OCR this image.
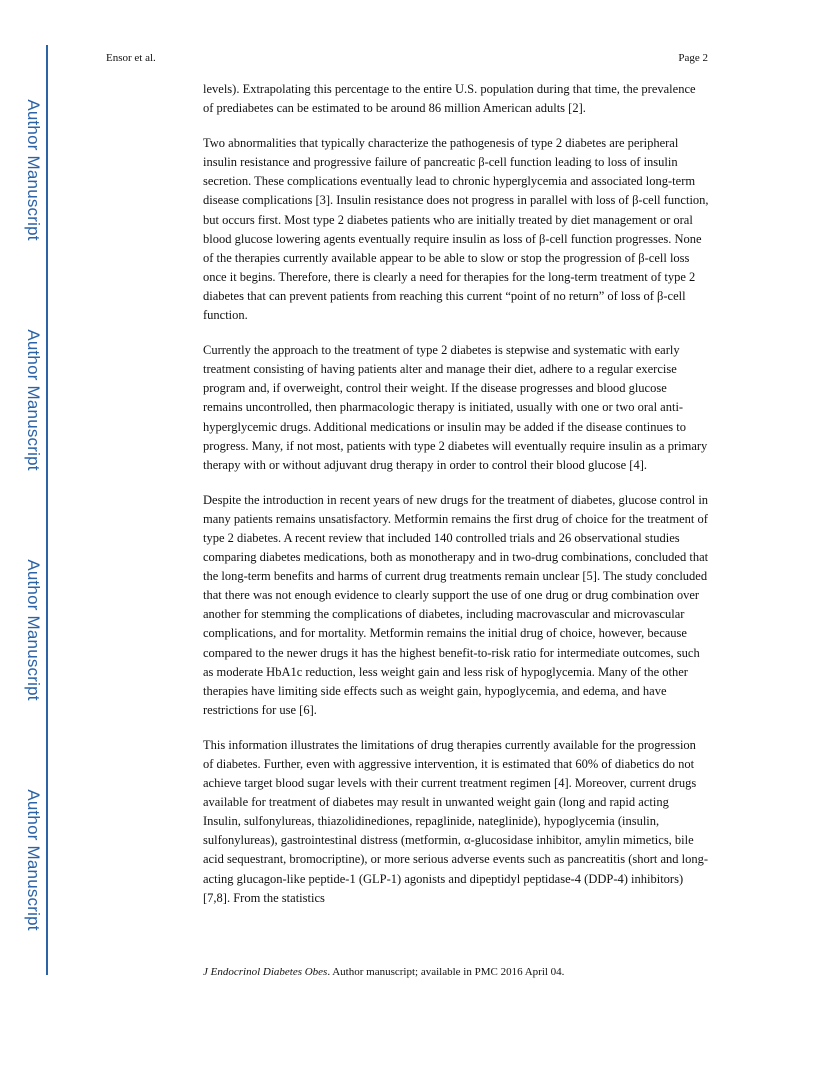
Author Manuscript
Author Manuscript
Author Manuscript
Author Manuscript
Ensor et al.	Page 2

levels). Extrapolating this percentage to the entire U.S. population during that time, the prevalence of prediabetes can be estimated to be around 86 million American adults [2].

Two abnormalities that typically characterize the pathogenesis of type 2 diabetes are peripheral insulin resistance and progressive failure of pancreatic β-cell function leading to loss of insulin secretion. These complications eventually lead to chronic hyperglycemia and associated long-term disease complications [3]. Insulin resistance does not progress in parallel with loss of β-cell function, but occurs first. Most type 2 diabetes patients who are initially treated by diet management or oral blood glucose lowering agents eventually require insulin as loss of β-cell function progresses. None of the therapies currently available appear to be able to slow or stop the progression of β-cell loss once it begins. Therefore, there is clearly a need for therapies for the long-term treatment of type 2 diabetes that can prevent patients from reaching this current “point of no return” of loss of β-cell function.

Currently the approach to the treatment of type 2 diabetes is stepwise and systematic with early treatment consisting of having patients alter and manage their diet, adhere to a regular exercise program and, if overweight, control their weight. If the disease progresses and blood glucose remains uncontrolled, then pharmacologic therapy is initiated, usually with one or two oral anti-hyperglycemic drugs. Additional medications or insulin may be added if the disease continues to progress. Many, if not most, patients with type 2 diabetes will eventually require insulin as a primary therapy with or without adjuvant drug therapy in order to control their blood glucose [4].

Despite the introduction in recent years of new drugs for the treatment of diabetes, glucose control in many patients remains unsatisfactory. Metformin remains the first drug of choice for the treatment of type 2 diabetes. A recent review that included 140 controlled trials and 26 observational studies comparing diabetes medications, both as monotherapy and in two-drug combinations, concluded that the long-term benefits and harms of current drug treatments remain unclear [5]. The study concluded that there was not enough evidence to clearly support the use of one drug or drug combination over another for stemming the complications of diabetes, including macrovascular and microvascular complications, and for mortality. Metformin remains the initial drug of choice, however, because compared to the newer drugs it has the highest benefit-to-risk ratio for intermediate outcomes, such as moderate HbA1c reduction, less weight gain and less risk of hypoglycemia. Many of the other therapies have limiting side effects such as weight gain, hypoglycemia, and edema, and have restrictions for use [6].

This information illustrates the limitations of drug therapies currently available for the progression of diabetes. Further, even with aggressive intervention, it is estimated that 60% of diabetics do not achieve target blood sugar levels with their current treatment regimen [4]. Moreover, current drugs available for treatment of diabetes may result in unwanted weight gain (long and rapid acting Insulin, sulfonylureas, thiazolidinediones, repaglinide, nateglinide), hypoglycemia (insulin, sulfonylureas), gastrointestinal distress (metformin, α-glucosidase inhibitor, amylin mimetics, bile acid sequestrant, bromocriptine), or more serious adverse events such as pancreatitis (short and long-acting glucagon-like peptide-1 (GLP-1) agonists and dipeptidyl peptidase-4 (DDP-4) inhibitors) [7,8]. From the statistics

J Endocrinol Diabetes Obes. Author manuscript; available in PMC 2016 April 04.
